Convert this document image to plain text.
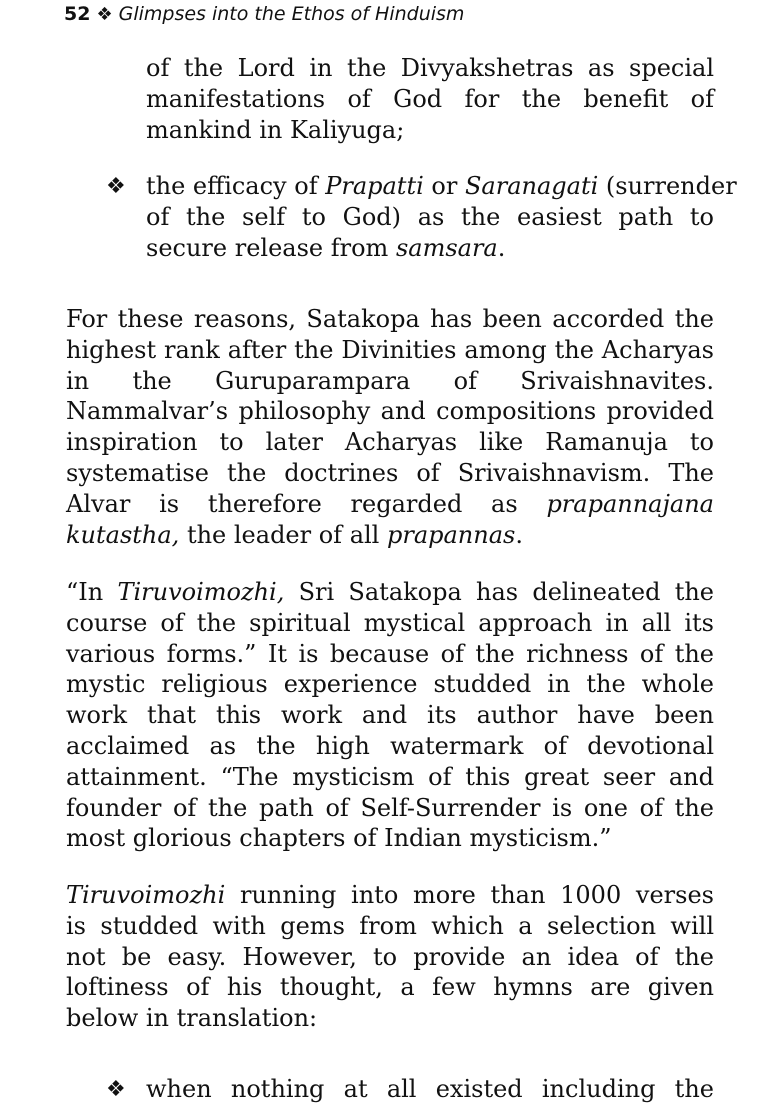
52 ❖ Glimpses into the Ethos of Hinduism

of the Lord in the Divyakshetras as special
manifestations of God for the benefit of
mankind in Kaliyuga;

❖ the efficacy of Prapatti or Saranagati (surrender
of the self to God) as the easiest path to
secure release from samsara.

For these reasons, Satakopa has been accorded the
highest rank after the Divinities among the Acharyas
in the Guruparampara of Srivaishnavites.
Nammalvar’s philosophy and compositions provided
inspiration to later Acharyas like Ramanuja to
systematise the doctrines of Srivaishnavism. The
Alvar is therefore regarded as prapannajana
kutastha, the leader of all prapannas.

“In Tiruvoimozhi, Sri Satakopa has delineated the
course of the spiritual mystical approach in all its
various forms.” It is because of the richness of the
mystic religious experience studded in the whole
work that this work and its author have been
acclaimed as the high watermark of devotional
attainment. “The mysticism of this great seer and
founder of the path of Self-Surrender is one of the
most glorious chapters of Indian mysticism.”

Tiruvoimozhi running into more than 1000 verses
is studded with gems from which a selection will
not be easy. However, to provide an idea of the
loftiness of his thought, a few hymns are given
below in translation:

❖ when nothing at all existed including the
